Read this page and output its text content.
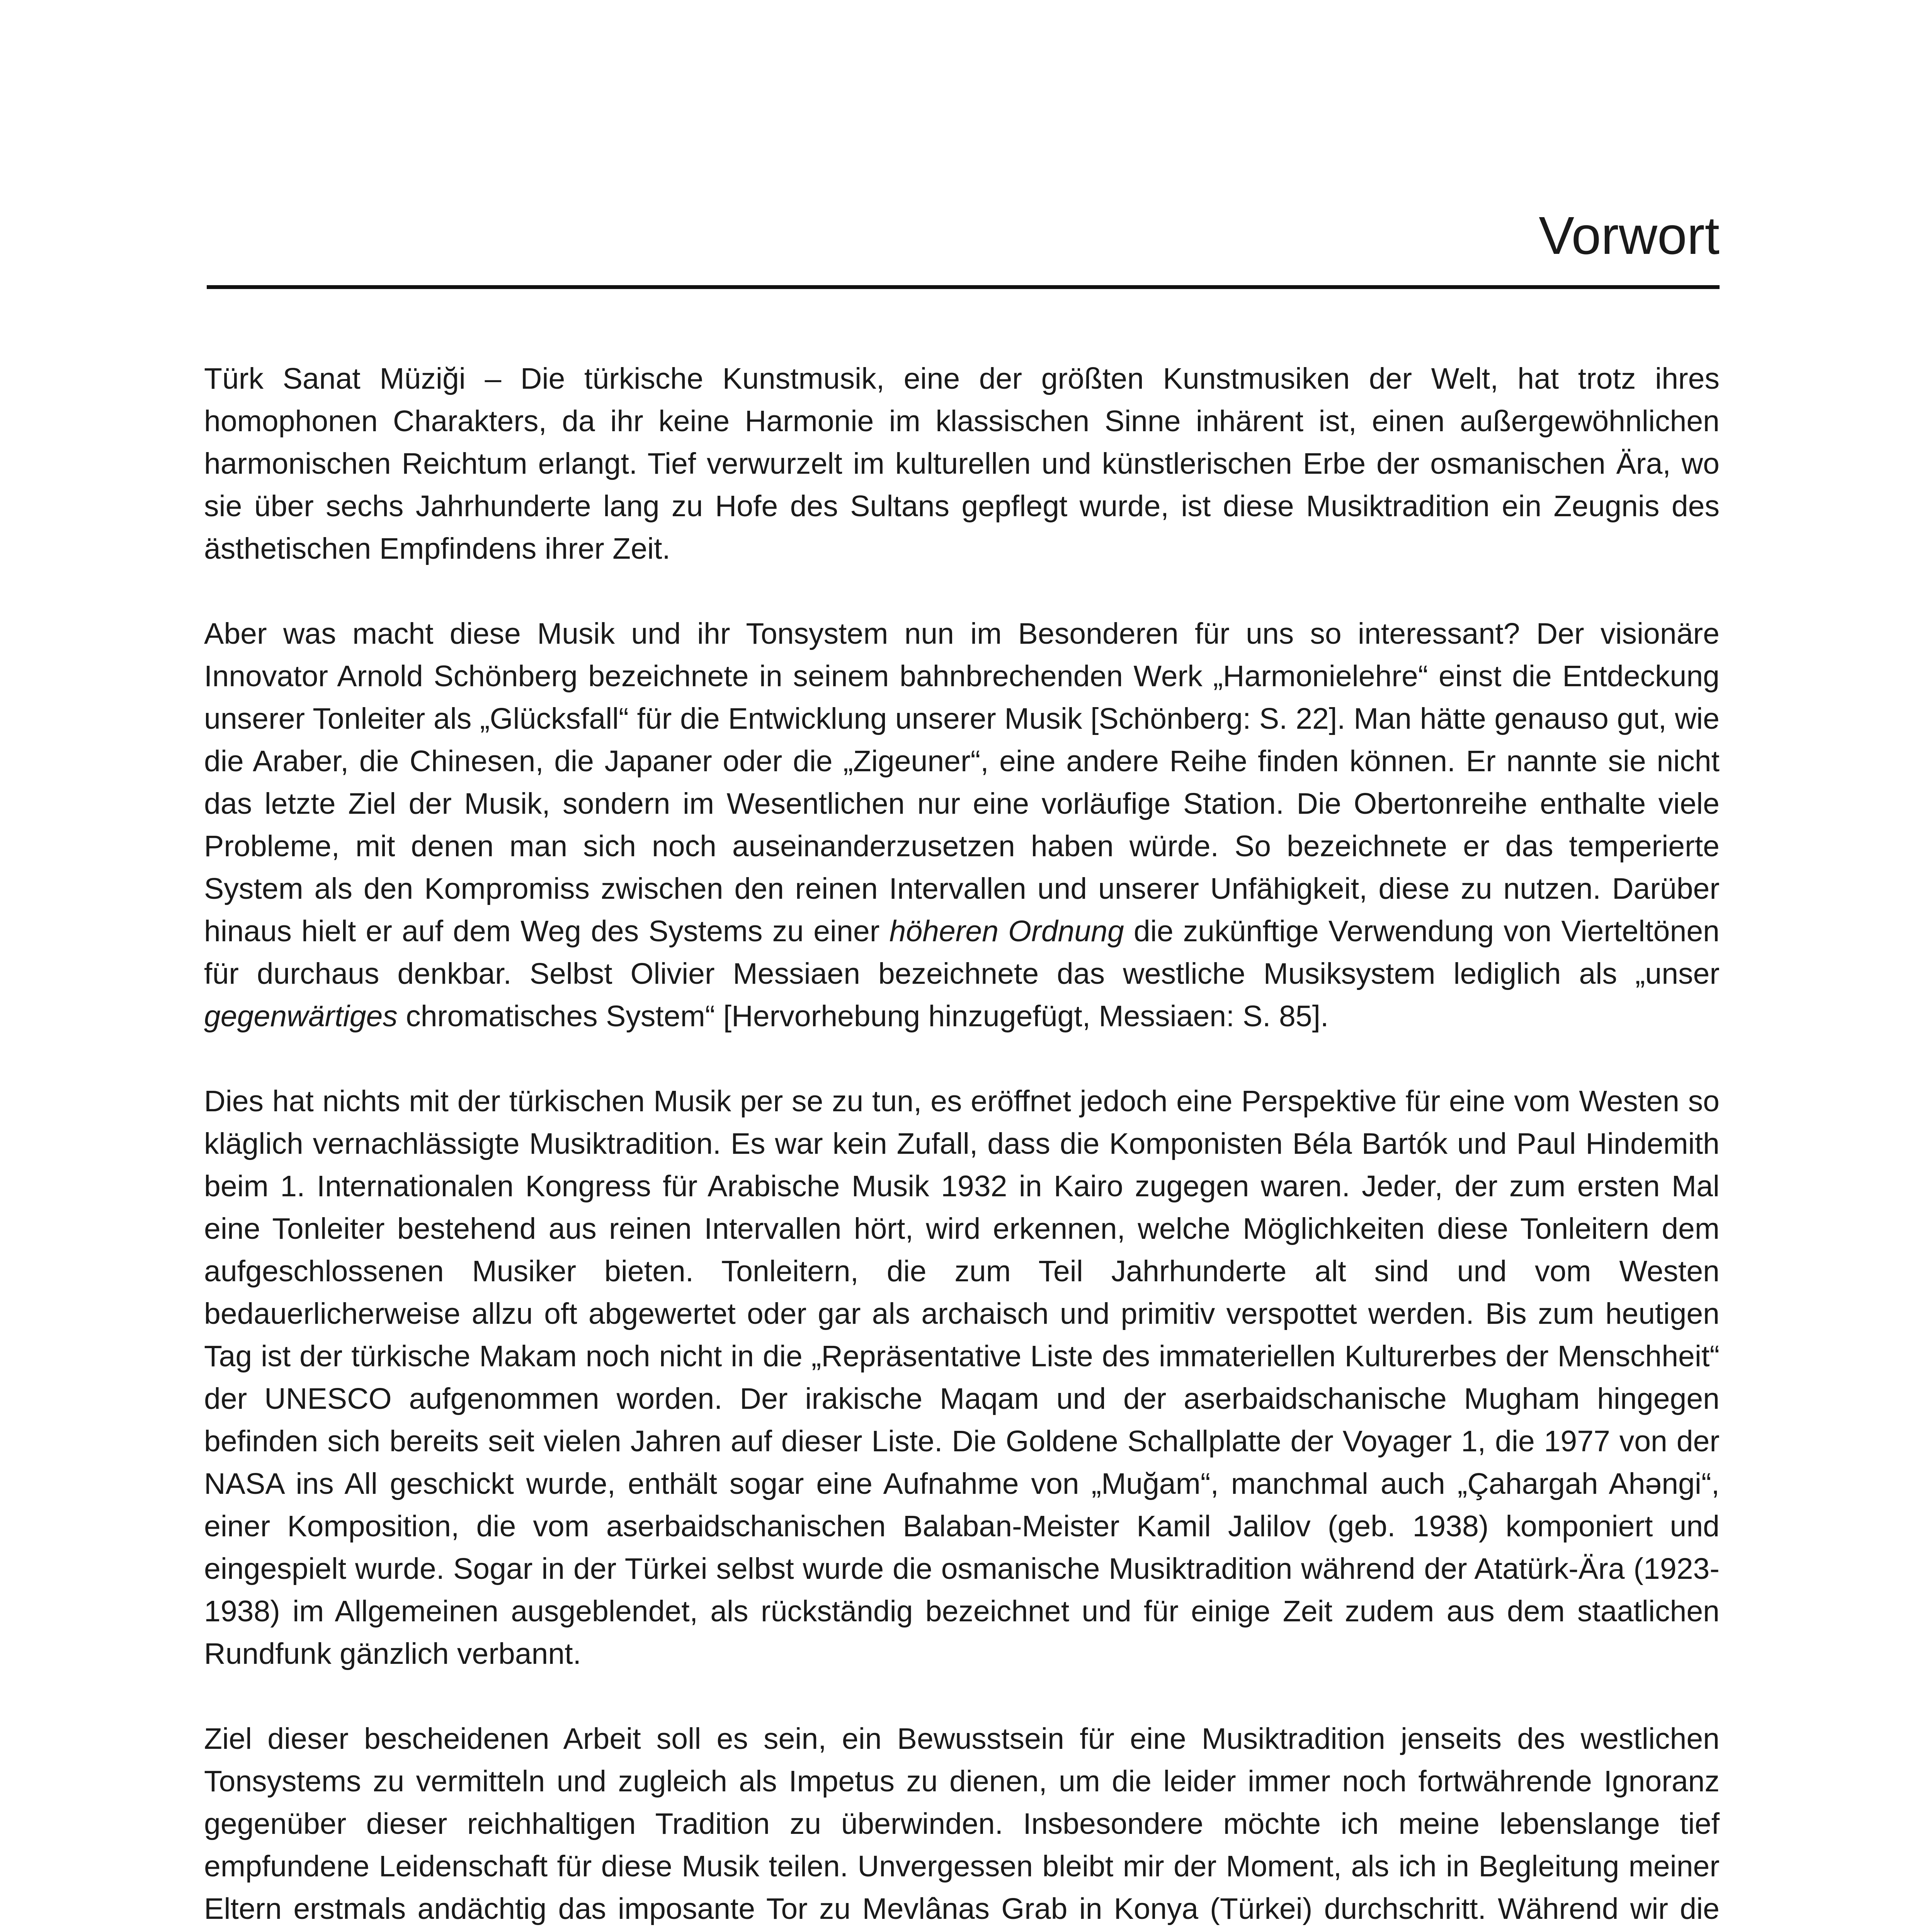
Vorwort

Türk Sanat Müziği – Die türkische Kunstmusik, eine der größten Kunstmusiken der Welt, hat trotz ihres homophonen Charakters, da ihr keine Harmonie im klassischen Sinne inhärent ist, einen außergewöhnlichen harmonischen Reichtum erlangt. Tief verwurzelt im kulturellen und künstlerischen Erbe der osmanischen Ära, wo sie über sechs Jahrhunderte lang zu Hofe des Sultans gepflegt wurde, ist diese Musiktradition ein Zeugnis des ästhetischen Empfindens ihrer Zeit.

Aber was macht diese Musik und ihr Tonsystem nun im Besonderen für uns so interessant? Der visionäre Innovator Arnold Schönberg bezeichnete in seinem bahnbrechenden Werk „Harmonielehre“ einst die Entdeckung unserer Tonleiter als „Glücksfall“ für die Entwicklung unserer Musik [Schönberg: S. 22]. Man hätte genauso gut, wie die Araber, die Chinesen, die Japaner oder die „Zigeuner“, eine andere Reihe finden können. Er nannte sie nicht das letzte Ziel der Musik, sondern im Wesentlichen nur eine vorläufige Station. Die Obertonreihe enthalte viele Probleme, mit denen man sich noch auseinanderzusetzen haben würde. So bezeichnete er das temperierte System als den Kompromiss zwischen den reinen Intervallen und unserer Unfähigkeit, diese zu nutzen. Darüber hinaus hielt er auf dem Weg des Systems zu einer höheren Ordnung die zukünftige Verwendung von Vierteltönen für durchaus denkbar. Selbst Olivier Messiaen bezeichnete das westliche Musiksystem lediglich als „unser gegenwärtiges chromatisches System“ [Hervorhebung hinzugefügt, Messiaen: S. 85].

Dies hat nichts mit der türkischen Musik per se zu tun, es eröffnet jedoch eine Perspektive für eine vom Westen so kläglich vernachlässigte Musiktradition. Es war kein Zufall, dass die Komponisten Béla Bartók und Paul Hindemith beim 1. Internationalen Kongress für Arabische Musik 1932 in Kairo zugegen waren. Jeder, der zum ersten Mal eine Tonleiter bestehend aus reinen Intervallen hört, wird erkennen, welche Möglichkeiten diese Tonleitern dem aufgeschlossenen Musiker bieten. Tonleitern, die zum Teil Jahrhunderte alt sind und vom Westen bedauerlicherweise allzu oft abgewertet oder gar als archaisch und primitiv verspottet werden. Bis zum heutigen Tag ist der türkische Makam noch nicht in die „Repräsentative Liste des immateriellen Kulturerbes der Menschheit“ der UNESCO aufgenommen worden. Der irakische Maqam und der aserbaidschanische Mugham hingegen befinden sich bereits seit vielen Jahren auf dieser Liste. Die Goldene Schallplatte der Voyager 1, die 1977 von der NASA ins All geschickt wurde, enthält sogar eine Aufnahme von „Muğam“, manchmal auch „Çahargah Ahəngi“, einer Komposition, die vom aserbaidschanischen Balaban-Meister Kamil Jalilov (geb. 1938) komponiert und eingespielt wurde. Sogar in der Türkei selbst wurde die osmanische Musiktradition während der Atatürk-Ära (1923-1938) im Allgemeinen ausgeblendet, als rückständig bezeichnet und für einige Zeit zudem aus dem staatlichen Rundfunk gänzlich verbannt.

Ziel dieser bescheidenen Arbeit soll es sein, ein Bewusstsein für eine Musiktradition jenseits des westlichen Tonsystems zu vermitteln und zugleich als Impetus zu dienen, um die leider immer noch fortwährende Ignoranz gegenüber dieser reichhaltigen Tradition zu überwinden. Insbesondere möchte ich meine lebenslange tief empfundene Leidenschaft für diese Musik teilen. Unvergessen bleibt mir der Moment, als ich in Begleitung meiner Eltern erstmals andächtig das imposante Tor zu Mevlânas Grab in Konya (Türkei) durchschritt. Während wir die
